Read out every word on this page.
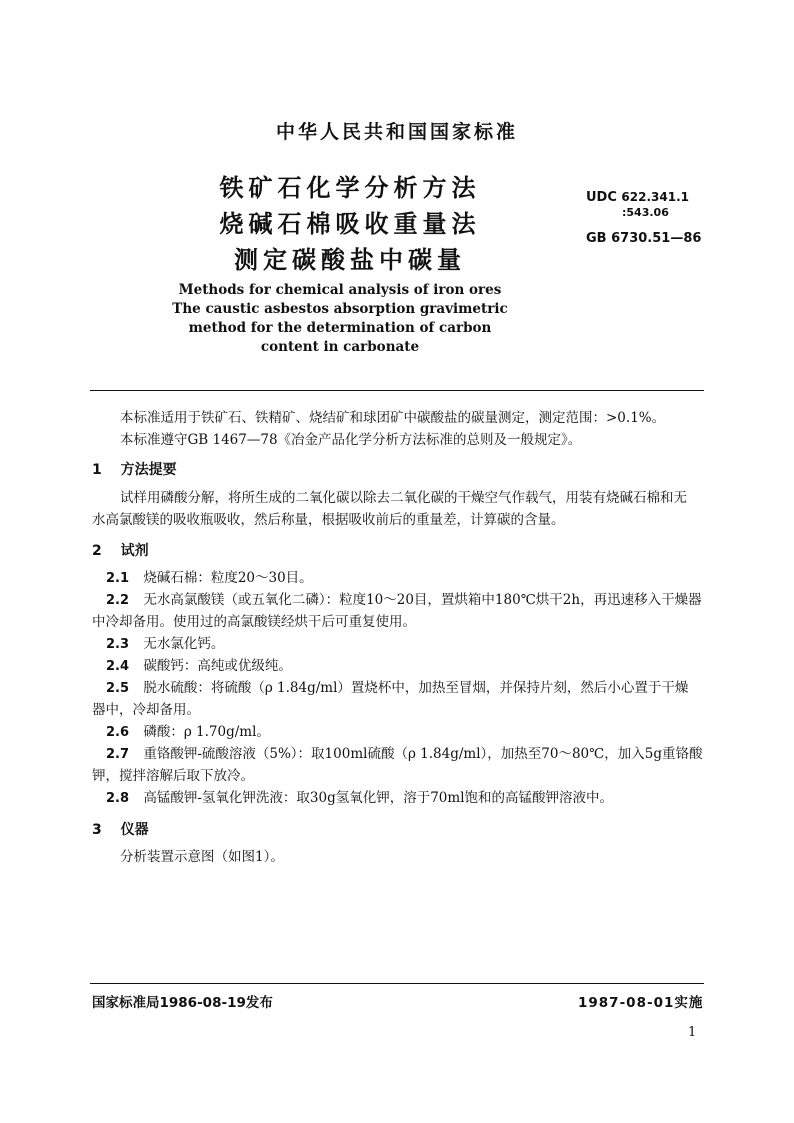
中华人民共和国国家标准
铁矿石化学分析方法
烧碱石棉吸收重量法
测定碳酸盐中碳量
UDC 622.341.1
:543.06
GB 6730.51—86
Methods for chemical analysis of iron ores
The caustic asbestos absorption gravimetric
method for the determination of carbon
content in carbonate
本标准适用于铁矿石、铁精矿、烧结矿和球团矿中碳酸盐的碳量测定，测定范围：>0.1%。
本标准遵守GB 1467—78《冶金产品化学分析方法标准的总则及一般规定》。
1 方法提要
试样用磷酸分解，将所生成的二氧化碳以除去二氧化碳的干燥空气作载气，用装有烧碱石棉和无
水高氯酸镁的吸收瓶吸收，然后称量，根据吸收前后的重量差，计算碳的含量。
2 试剂
2.1 烧碱石棉：粒度20～30目。
2.2 无水高氯酸镁（或五氧化二磷）：粒度10～20目，置烘箱中180℃烘干2h，再迅速移入干燥器
中冷却备用。使用过的高氯酸镁经烘干后可重复使用。
2.3 无水氯化钙。
2.4 碳酸钙：高纯或优级纯。
2.5 脱水硫酸：将硫酸（ρ 1.84g/ml）置烧杯中，加热至冒烟，并保持片刻，然后小心置于干燥
器中，冷却备用。
2.6 磷酸：ρ 1.70g/ml。
2.7 重铬酸钾-硫酸溶液（5%）：取100ml硫酸（ρ 1.84g/ml），加热至70～80℃，加入5g重铬酸
钾，搅拌溶解后取下放冷。
2.8 高锰酸钾-氢氧化钾洗液：取30g氢氧化钾，溶于70ml饱和的高锰酸钾溶液中。
3 仪器
分析装置示意图（如图1）。
国家标准局1986-08-19发布	1987-08-01实施
1
